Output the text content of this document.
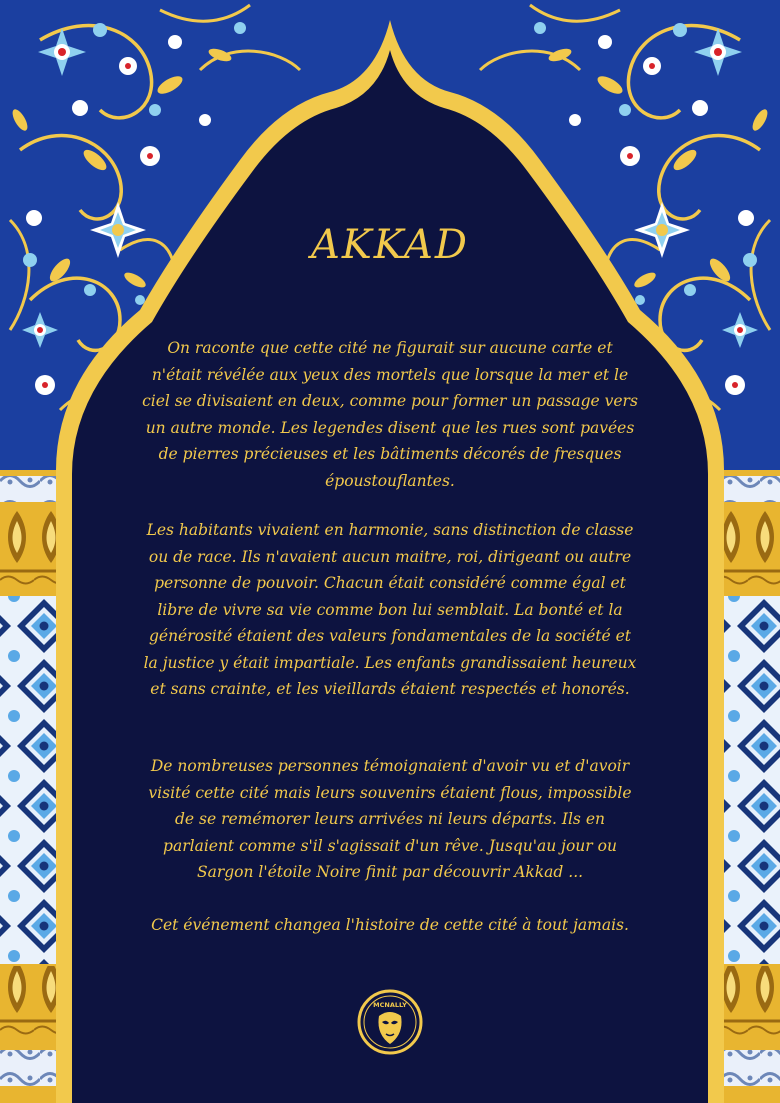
MCNALLY
AKKAD

On raconte que cette cité ne figurait sur aucune carte et n'était révélée aux yeux des mortels que lorsque la mer et le ciel se divisaient en deux, comme pour former un passage vers un autre monde. Les legendes disent que les rues sont pavées de pierres précieuses et les bâtiments décorés de fresques époustouflantes.

Les habitants vivaient en harmonie, sans distinction de classe ou de race. Ils n'avaient aucun maitre, roi, dirigeant ou autre personne de pouvoir. Chacun était considéré comme égal et libre de vivre sa vie comme bon lui semblait. La bonté et la générosité étaient des valeurs fondamentales de la société et la justice y était impartiale. Les enfants grandissaient heureux et sans crainte, et les vieillards étaient respectés et honorés.

De nombreuses personnes témoignaient d'avoir vu et d'avoir visité cette cité mais leurs souvenirs étaient flous, impossible de se remémorer leurs arrivées ni leurs départs. Ils en parlaient comme s'il s'agissait d'un rêve. Jusqu'au jour ou Sargon l'étoile Noire finit par découvrir Akkad ...

Cet événement changea l'histoire de cette cité à tout jamais.
